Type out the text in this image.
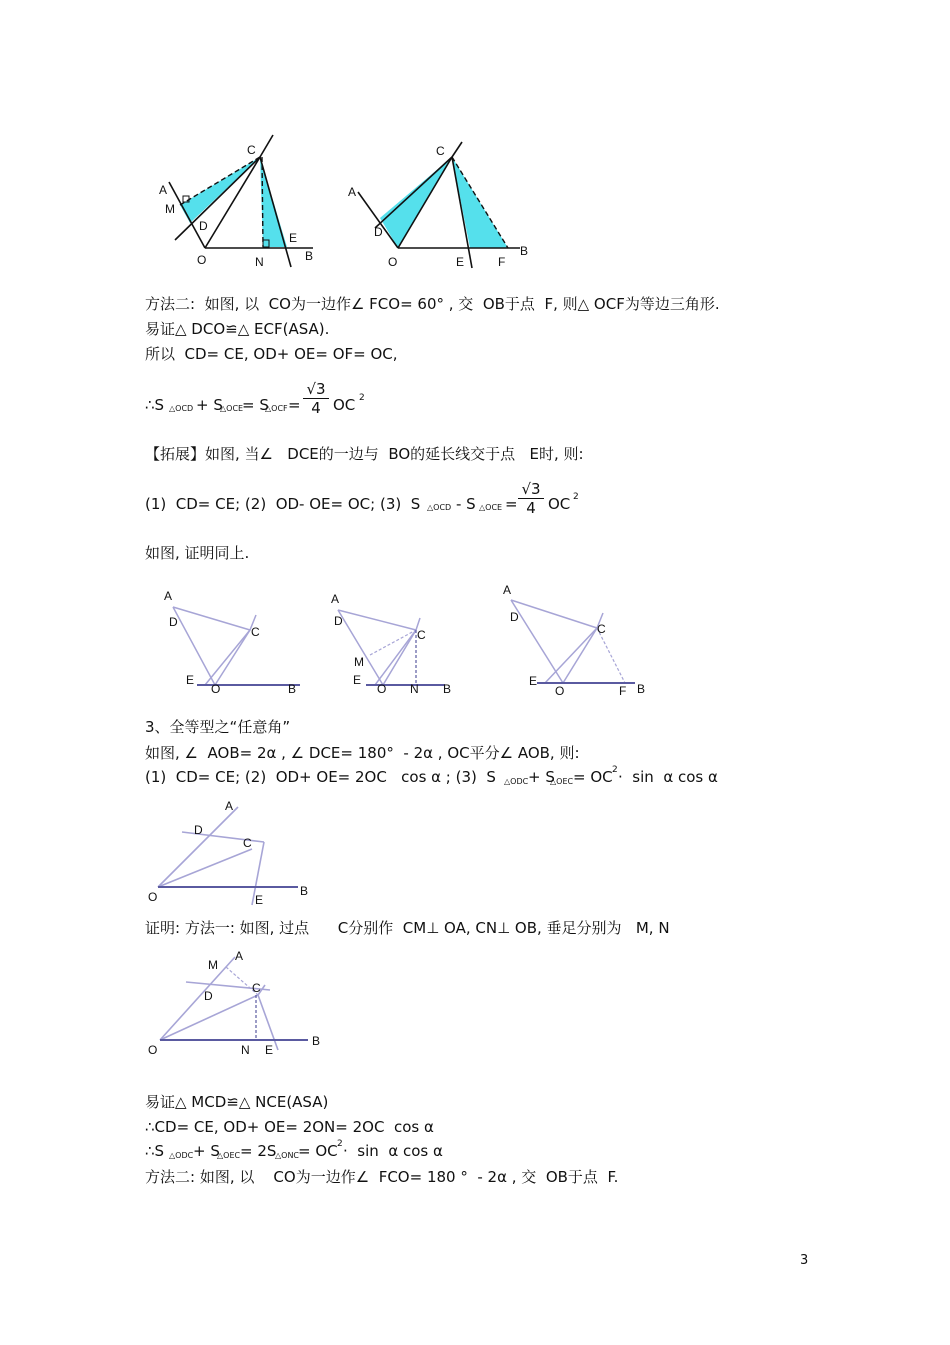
C
A
M
D
O	N
E
B
C
A
D
O	E	F
B
方法二:  如图, 以  CO为一边作∠ FCO= 60° , 交  OB于点  F, 则△ OCF为等边三角形.
易证△ DCO≌△ ECF(ASA).
所以  CD= CE, OD+ OE= OF= OC,
∴S △OCD + S
△OCE
= S
△OCF = $\frac{√3}{4}$ OC 2
【拓展】如图, 当∠   DCE的一边与  BO的延长线交于点   E时, 则:
(1)  CD= CE; (2)  OD- OE= OC; (3)  S △OCD - S △OCE = $\frac{√3}{4}$ OC 2
如图, 证明同上.
A
D
C
E
O	B
A
D
C
M
E
O N B
A
D
C
E
O	F B
3、全等型之“任意角”
如图, ∠  AOB= 2α , ∠ DCE= 180°  - 2α , OC平分∠ AOB, 则:
(1)  CD= CE; (2)  OD+ OE= 2OC   cos α ; (3)  S △ODC + S
△OEC = OC 2 ·  sin  α cos α
A
D
C
O	E
B
证明: 方法一: 如图, 过点      C分别作  CM⊥ OA, CN⊥ OB, 垂足分别为   M, N
M
A
D
C
O	N E
B
易证△ MCD≌△ NCE(ASA)
∴CD= CE, OD+ OE= 2ON= 2OC  cos α
∴S △ODC + S
△OEC = 2S
△ONC
= OC 2 ·  sin  α cos α
方法二: 如图, 以    CO为一边作∠  FCO= 180 °  - 2α , 交  OB于点  F.
3
